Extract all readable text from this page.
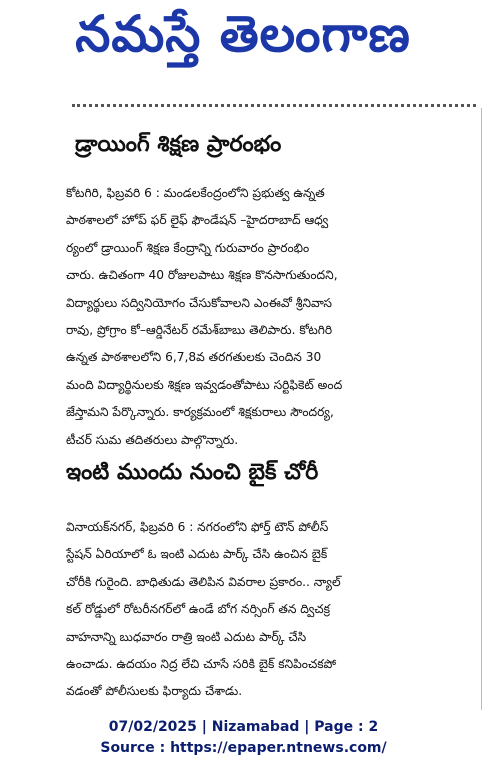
నమస్తే తెలంగాణ
డ్రాయింగ్ శిక్షణ ప్రారంభం
కోటగిరి, ఫిబ్రవరి 6 : మండలకేంద్రంలోని ప్రభుత్వ ఉన్నత
పాఠశాలలో హోప్ ఫర్ లైఫ్ ఫౌండేషన్ –హైదరాబాద్ ఆధ్వ
ర్యంలో డ్రాయింగ్ శిక్షణ కేంద్రాన్ని గురువారం ప్రారంభిం
చారు. ఉచితంగా 40 రోజులపాటు శిక్షణ కొనసాగుతుందని,
విద్యార్థులు సద్వినియోగం చేసుకోవాలని ఎంఈవో శ్రీనివాస
రావు, ప్రోగ్రాం కో–ఆర్డినేటర్ రమేశ్‌బాబు తెలిపారు. కోటగిరి
ఉన్నత పాఠశాలలోని 6,7,8వ తరగతులకు చెందిన 30
మంది విద్యార్థినులకు శిక్షణ ఇవ్వడంతోపాటు సర్టిఫికెట్ అంద
జేస్తామని పేర్కొన్నారు. కార్యక్రమంలో శిక్షకురాలు సౌందర్య,
టీచర్ సుమ తదితరులు పాల్గొన్నారు.
ఇంటి ముందు నుంచి బైక్ చోరీ
వినాయక్‌నగర్, ఫిబ్రవరి 6 : నగరంలోని ఫోర్త్ టౌన్ పోలీస్
స్టేషన్ ఏరియాలో ఓ ఇంటి ఎదుట పార్క్ చేసి ఉంచిన బైక్
చోరీకి గురైంది. బాధితుడు తెలిపిన వివరాల ప్రకారం.. న్యాల్
కల్ రోడ్డులో రోటరీనగర్‌లో ఉండే బోగ నర్సింగ్ తన ద్విచక్ర
వాహనాన్ని బుధవారం రాత్రి ఇంటి ఎదుట పార్క్ చేసి
ఉంచాడు. ఉదయం నిద్ర లేచి చూసే సరికి బైక్ కనిపించకపో
వడంతో పోలీసులకు ఫిర్యాదు చేశాడు.
07/02/2025 | Nizamabad | Page : 2
Source : https://epaper.ntnews.com/
